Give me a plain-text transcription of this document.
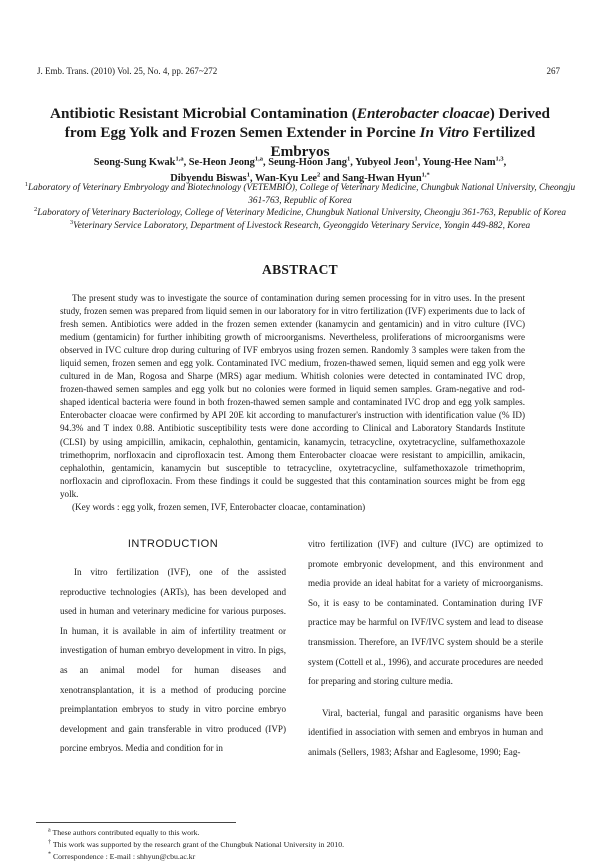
J. Emb. Trans. (2010) Vol. 25, No. 4, pp. 267~272	267
Antibiotic Resistant Microbial Contamination (Enterobacter cloacae) Derived from Egg Yolk and Frozen Semen Extender in Porcine In Vitro Fertilized Embryos
Seong-Sung Kwak$^{1,a}$, Se-Heon Jeong$^{1,a}$, Seung-Hoon Jang$^1$, Yubyeol Jeon$^1$, Young-Hee Nam$^{1,3}$,
Dibyendu Biswas$^1$, Wan-Kyu Lee$^2$ and Sang-Hwan Hyun$^{1,*}$
$^1$Laboratory of Veterinary Embryology and Biotechnology (VETEMBIO), College of Veterinary Medicine, Chungbuk National University, Cheongju 361-763, Republic of Korea
$^2$Laboratory of Veterinary Bacteriology, College of Veterinary Medicine, Chungbuk National University, Cheongju 361-763, Republic of Korea
$^3$Veterinary Service Laboratory, Department of Livestock Research, Gyeonggido Veterinary Service, Yongin 449-882, Korea
ABSTRACT

The present study was to investigate the source of contamination during semen processing for in vitro uses. In the present study, frozen semen was prepared from liquid semen in our laboratory for in vitro fertilization (IVF) experiments due to lack of fresh semen. Antibiotics were added in the frozen semen extender (kanamycin and gentamicin) and in vitro culture (IVC) medium (gentamicin) for further inhibiting growth of microorganisms. Nevertheless, proliferations of microorganisms were observed in IVC culture drop during culturing of IVF embryos using frozen semen. Randomly 3 samples were taken from the liquid semen, frozen semen and egg yolk. Contaminated IVC medium, frozen-thawed semen, liquid semen and egg yolk were cultured in de Man, Rogosa and Sharpe (MRS) agar medium. Whitish colonies were detected in contaminated IVC drop, frozen-thawed semen samples and egg yolk but no colonies were formed in liquid semen samples. Gram-negative and rod-shaped identical bacteria were found in both frozen-thawed semen sample and contaminated IVC drop and egg yolk samples. Enterobacter cloacae were confirmed by API 20E kit according to manufacturer's instruction with identification value (% ID) 94.3% and T index 0.88. Antibiotic susceptibility tests were done according to Clinical and Laboratory Standards Institute (CLSI) by using ampicillin, amikacin, cephalothin, gentamicin, kanamycin, tetracycline, oxytetracycline, sulfamethoxazole trimethoprim, norfloxacin and ciprofloxacin test. Among them Enterobacter cloacae were resistant to ampicillin, amikacin, cephalothin, gentamicin, kanamycin but susceptible to tetracycline, oxytetracycline, sulfamethoxazole trimethoprim, norfloxacin and ciprofloxacin. From these findings it could be suggested that this contamination sources might be from egg yolk.

(Key words : egg yolk, frozen semen, IVF, Enterobacter cloacae, contamination)
INTRODUCTION

In vitro fertilization (IVF), one of the assisted reproductive technologies (ARTs), has been developed and used in human and veterinary medicine for various purposes. In human, it is available in aim of infertility treatment or investigation of human embryo development in vitro. In pigs, as an animal model for human diseases and xenotransplantation, it is a method of producing porcine preimplantation embryos to study in vitro porcine embryo development and gain transferable in vitro produced (IVP) porcine embryos. Media and condition for in

vitro fertilization (IVF) and culture (IVC) are optimized to promote embryonic development, and this environment and media provide an ideal habitat for a variety of microorganisms. So, it is easy to be contaminated. Contamination during IVF practice may be harmful on IVF/IVC system and lead to disease transmission. Therefore, an IVF/IVC system should be a sterile system (Cottell et al., 1996), and accurate procedures are needed for preparing and storing culture media.

Viral, bacterial, fungal and parasitic organisms have been identified in association with semen and embryos in human and animals (Sellers, 1983; Afshar and Eaglesome, 1990; Eag-

$^a$ These authors contributed equally to this work.
† This work was supported by the research grant of the Chungbuk National University in 2010.
* Correspondence : E-mail : shhyun@cbu.ac.kr
